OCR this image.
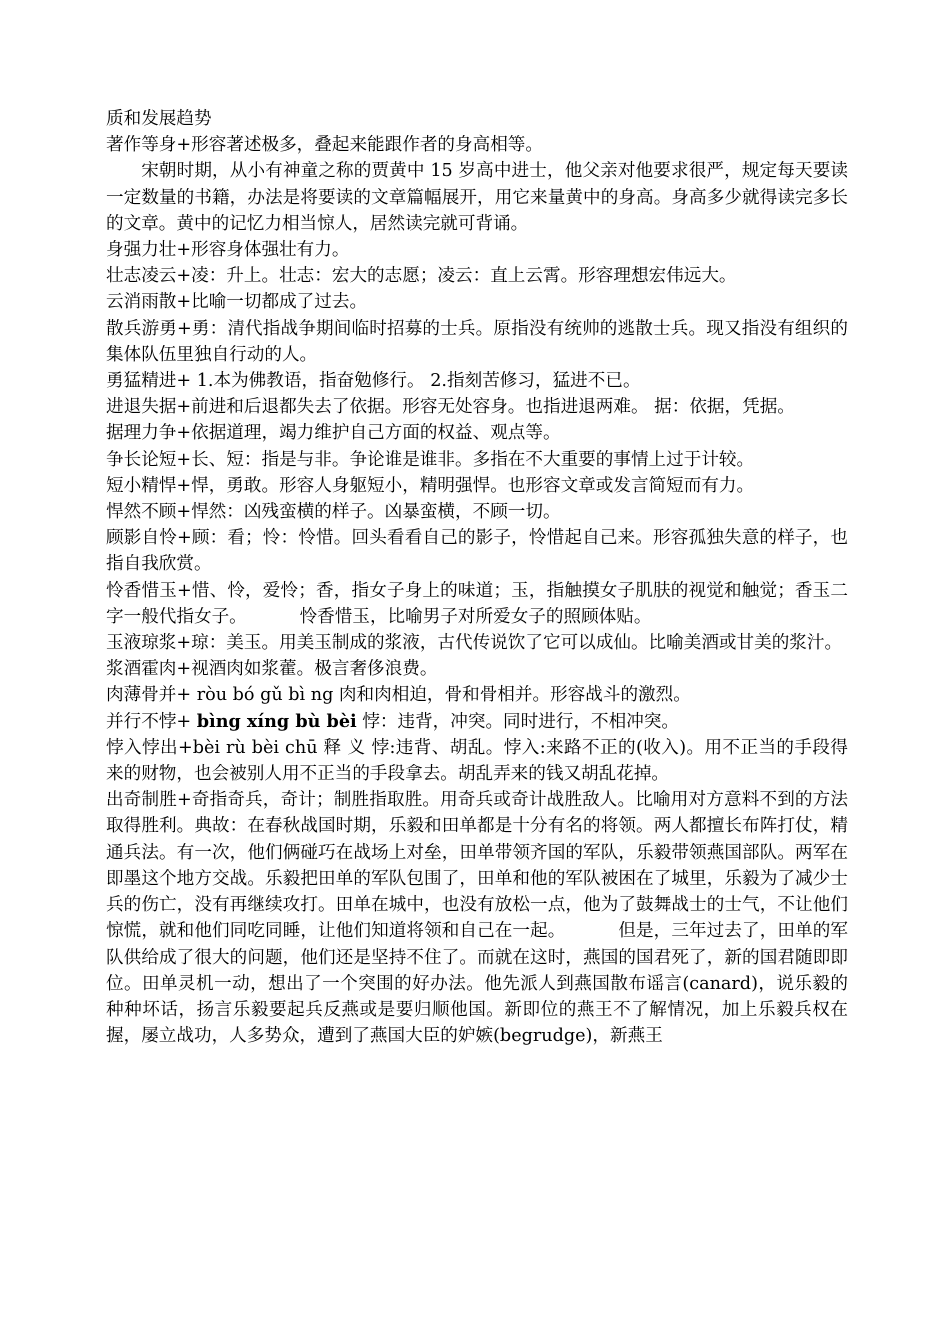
质和发展趋势

著作等身+形容著述极多，叠起来能跟作者的身高相等。

宋朝时期，从小有神童之称的贾黄中 15 岁高中进士，他父亲对他要求很严，规定每天要读一定数量的书籍，办法是将要读的文章篇幅展开，用它来量黄中的身高。身高多少就得读完多长的文章。黄中的记忆力相当惊人，居然读完就可背诵。

身强力壮+形容身体强壮有力。

壮志凌云+凌：升上。壮志：宏大的志愿；凌云：直上云霄。形容理想宏伟远大。

云消雨散+比喻一切都成了过去。

散兵游勇+勇：清代指战争期间临时招募的士兵。原指没有统帅的逃散士兵。现又指没有组织的集体队伍里独自行动的人。

勇猛精进+ 1.本为佛教语，指奋勉修行。 2.指刻苦修习，猛进不已。

进退失据+前进和后退都失去了依据。形容无处容身。也指进退两难。 据：依据，凭据。

据理力争+依据道理，竭力维护自己方面的权益、观点等。

争长论短+长、短：指是与非。争论谁是谁非。多指在不大重要的事情上过于计较。

短小精悍+悍，勇敢。形容人身躯短小，精明强悍。也形容文章或发言简短而有力。

悍然不顾+悍然：凶残蛮横的样子。凶暴蛮横，不顾一切。

顾影自怜+顾：看；怜：怜惜。回头看看自己的影子，怜惜起自己来。形容孤独失意的样子，也指自我欣赏。

怜香惜玉+惜、怜，爱怜；香，指女子身上的味道；玉，指触摸女子肌肤的视觉和触觉；香玉二字一般代指女子。	怜香惜玉，比喻男子对所爱女子的照顾体贴。

玉液琼浆+琼：美玉。用美玉制成的浆液，古代传说饮了它可以成仙。比喻美酒或甘美的浆汁。

浆酒霍肉+视酒肉如浆藿。极言奢侈浪费。

肉薄骨并+ ròu bó gǔ bì ng 肉和肉相迫，骨和骨相并。形容战斗的激烈。

并行不悖+ bìng xíng bù bèi 悖：违背，冲突。同时进行，不相冲突。

悖入悖出+bèi rù bèi chū 释 义 悖:违背、胡乱。悖入:来路不正的(收入)。用不正当的手段得来的财物，也会被别人用不正当的手段拿去。胡乱弄来的钱又胡乱花掉。

出奇制胜+奇指奇兵，奇计；制胜指取胜。用奇兵或奇计战胜敌人。比喻用对方意料不到的方法取得胜利。典故：在春秋战国时期，乐毅和田单都是十分有名的将领。两人都擅长布阵打仗，精通兵法。有一次，他们俩碰巧在战场上对垒，田单带领齐国的军队，乐毅带领燕国部队。两军在即墨这个地方交战。乐毅把田单的军队包围了，田单和他的军队被困在了城里，乐毅为了减少士兵的伤亡，没有再继续攻打。田单在城中，也没有放松一点，他为了鼓舞战士的士气，不让他们惊慌，就和他们同吃同睡，让他们知道将领和自己在一起。	但是，三年过去了，田单的军队供给成了很大的问题，他们还是坚持不住了。而就在这时，燕国的国君死了，新的国君随即即位。田单灵机一动，想出了一个突围的好办法。他先派人到燕国散布谣言(canard)，说乐毅的种种坏话，扬言乐毅要起兵反燕或是要归顺他国。新即位的燕王不了解情况，加上乐毅兵权在握，屡立战功，人多势众，遭到了燕国大臣的妒嫉(begrudge)，新燕王
